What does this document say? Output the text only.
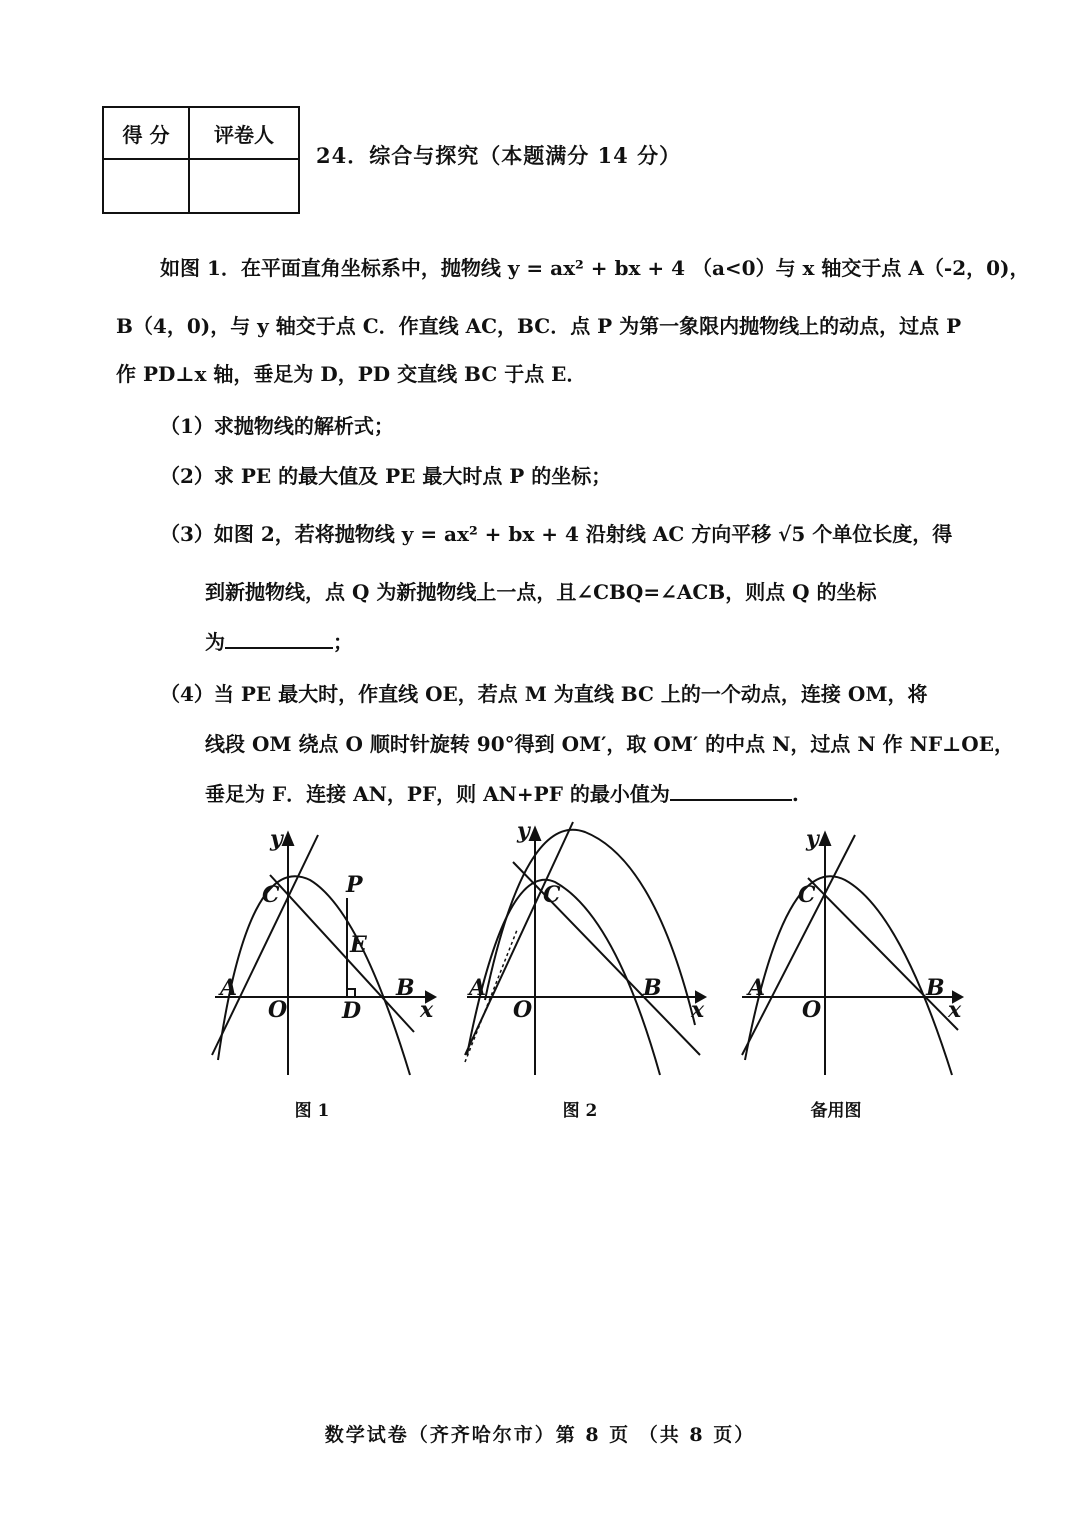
得 分	评卷人

24．综合与探究（本题满分 14 分）
如图 1．在平面直角坐标系中，抛物线 y = ax² + bx + 4 （a<0）与 x 轴交于点 A（-2，0)，
B（4，0)，与 y 轴交于点 C．作直线 AC，BC．点 P 为第一象限内抛物线上的动点，过点 P
作 PD⊥x 轴，垂足为 D，PD 交直线 BC 于点 E．
（1）求抛物线的解析式；
（2）求 PE 的最大值及 PE 最大时点 P 的坐标；
（3）如图 2，若将抛物线 y = ax² + bx + 4 沿射线 AC 方向平移 √5 个单位长度，得
到新抛物线，点 Q 为新抛物线上一点，且∠CBQ=∠ACB，则点 Q 的坐标
为	；
（4）当 PE 最大时，作直线 OE，若点 M 为直线 BC 上的一个动点，连接 OM，将
线段 OM 绕点 O 顺时针旋转 90°得到 OM′，取 OM′ 的中点 N，过点 N 作 NF⊥OE，
垂足为 F．连接 AN，PF，则 AN+PF 的最小值为	.
y
x
O
A	B
C	P
D
E
图 1
y
x
O
A	B
C
图 2
y
x
O
A	B
C
备用图
数学试卷（齐齐哈尔市）第 8 页 （共 8 页）
